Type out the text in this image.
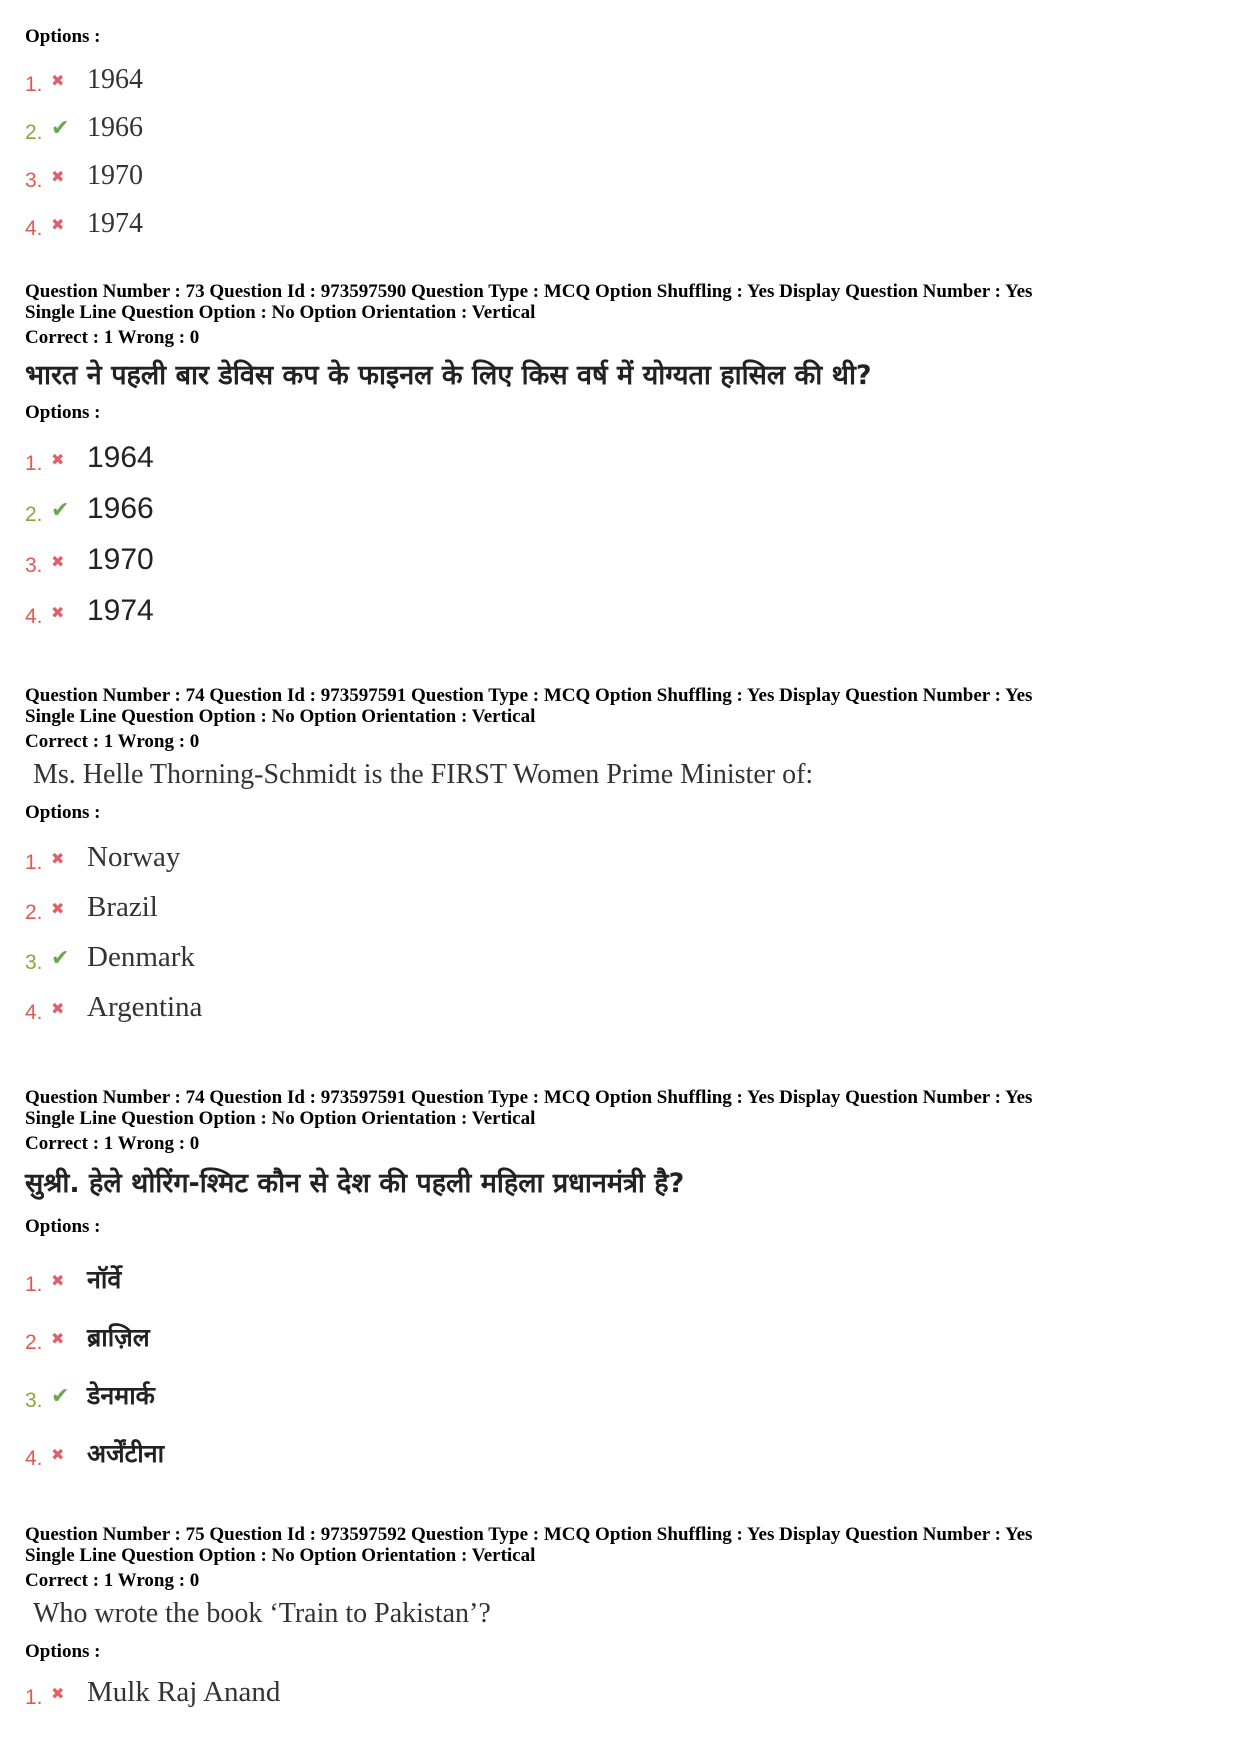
Options :
1. ✖ 1964
2. ✔ 1966
3. ✖ 1970
4. ✖ 1974
Question Number : 73 Question Id : 973597590 Question Type : MCQ Option Shuffling : Yes Display Question Number : Yes
Single Line Question Option : No Option Orientation : Vertical
Correct : 1 Wrong : 0
भारत ने पहली बार डेविस कप के फाइनल के लिए किस वर्ष में योग्यता हासिल की थी?
Options :
1. ✖ 1964
2. ✔ 1966
3. ✖ 1970
4. ✖ 1974
Question Number : 74 Question Id : 973597591 Question Type : MCQ Option Shuffling : Yes Display Question Number : Yes
Single Line Question Option : No Option Orientation : Vertical
Correct : 1 Wrong : 0
Ms. Helle Thorning-Schmidt is the FIRST Women Prime Minister of:
Options :
1. ✖ Norway
2. ✖ Brazil
3. ✔ Denmark
4. ✖ Argentina
Question Number : 74 Question Id : 973597591 Question Type : MCQ Option Shuffling : Yes Display Question Number : Yes
Single Line Question Option : No Option Orientation : Vertical
Correct : 1 Wrong : 0
सुश्री. हेले थोरिंग-श्मिट कौन से देश की पहली महिला प्रधानमंत्री है?
Options :
1. ✖ नॉर्वे
2. ✖ ब्राज़िल
3. ✔ डेनमार्क
4. ✖ अर्जेंटीना
Question Number : 75 Question Id : 973597592 Question Type : MCQ Option Shuffling : Yes Display Question Number : Yes
Single Line Question Option : No Option Orientation : Vertical
Correct : 1 Wrong : 0
Who wrote the book ‘Train to Pakistan’?
Options :
1. ✖ Mulk Raj Anand
